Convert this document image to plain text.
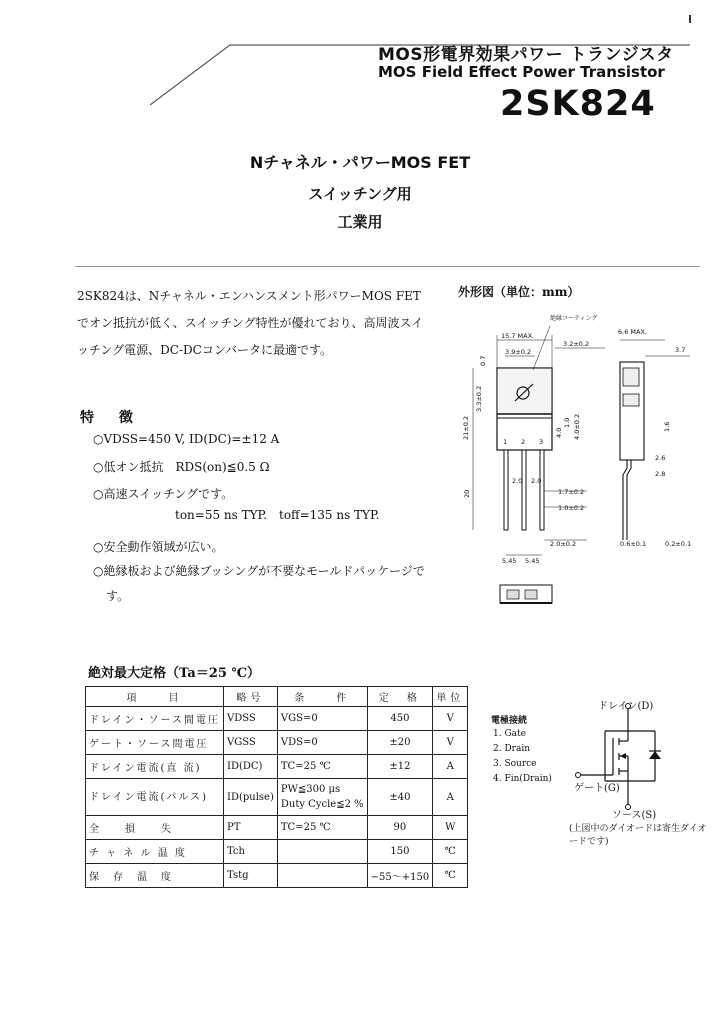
MOS形電界効果パワー トランジスタ
MOS Field Effect Power Transistor
2SK824
Nチャネル・パワーMOS FET
スイッチング用
工業用

2SK824は、Nチャネル・エンハンスメント形パワーMOS FET

でオン抵抗が低く、スイッチング特性が優れており、高周波スイ

ッチング電源、DC-DCコンバータに最適です。

特 徴
○VDSS=450 V, ID(DC)=±12 A
○低オン抵抗　RDS(on)≦0.5 Ω
○高速スイッチングです。
ton=55 ns TYP.　toff=135 ns TYP.
○安全動作領域が広い。
○絶縁板および絶縁ブッシングが不要なモールドパッケージで
す。
外形図（単位：mm）
15.7 MAX.
絶縁コーティング
3.9±0.2
3.2±0.2
0.7
3.3±0.2
21±0.2	4.0
1.0 4.0±0.2
20
2.0 2.0
1.7±0.2
1.0±0.2
2.0±0.2
5.45 5.45
1 2 3
6.6 MAX.
3.7
1.6
2.6
2.8
0.6±0.1	0.2±0.1
絶対最大定格（Ta＝25 ℃）
項　　目	略号	条　　件	定　格	単位
ドレイン・ソース間電圧	VDSS	VGS=0	450	V
ゲート・ソース間電圧	VGSS	VDS=0	±20	V
ドレイン電流(直 流)	ID(DC)	TC=25 ℃	±12	A
ドレイン電流(パルス)	ID(pulse)	PW≦300 μs
Duty Cycle≦2 %	±40	A
全　　損　　失	PT	TC=25 ℃	90	W
チ ャ ネ ル 温 度	Tch		150	℃
保　存　温　度	Tstg		−55〜+150	℃
電極接続
1. Gate
2. Drain
3. Source
4. Fin(Drain)
ドレイン(D)
ゲート(G)
ソース(S)
(上図中のダイオードは寄生ダイオードです)
